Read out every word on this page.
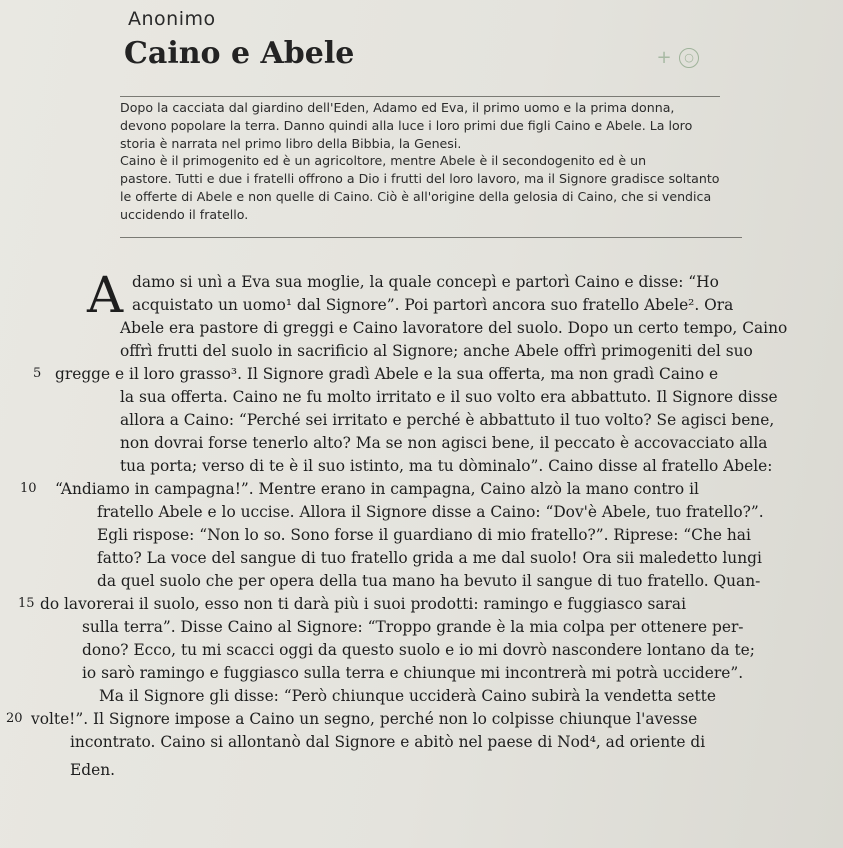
Anonimo
Caino e Abele	+	○

Dopo la cacciata dal giardino dell'Eden, Adamo ed Eva, il primo uomo e la prima donna,

devono popolare la terra. Danno quindi alla luce i loro primi due figli Caino e Abele. La loro

storia è narrata nel primo libro della Bibbia, la Genesi.

Caino è il primogenito ed è un agricoltore, mentre Abele è il secondogenito ed è un

pastore. Tutti e due i fratelli offrono a Dio i frutti del loro lavoro, ma il Signore gradisce soltanto

le offerte di Abele e non quelle di Caino. Ciò è all'origine della gelosia di Caino, che si vendica

uccidendo il fratello.

A damo si unì a Eva sua moglie, la quale concepì e partorì Caino e disse: “Ho
acquistato un uomo¹ dal Signore”. Poi partorì ancora suo fratello Abele². Ora
Abele era pastore di greggi e Caino lavoratore del suolo. Dopo un certo tempo, Caino
offrì frutti del suolo in sacrificio al Signore; anche Abele offrì primogeniti del suo
gregge e il loro grasso³. Il Signore gradì Abele e la sua offerta, ma non gradì Caino e
la sua offerta. Caino ne fu molto irritato e il suo volto era abbattuto. Il Signore disse
allora a Caino: “Perché sei irritato e perché è abbattuto il tuo volto? Se agisci bene,
non dovrai forse tenerlo alto? Ma se non agisci bene, il peccato è accovacciato alla
tua porta; verso di te è il suo istinto, ma tu dòminalo”. Caino disse al fratello Abele:
“Andiamo in campagna!”. Mentre erano in campagna, Caino alzò la mano contro il
fratello Abele e lo uccise. Allora il Signore disse a Caino: “Dov'è Abele, tuo fratello?”.
Egli rispose: “Non lo so. Sono forse il guardiano di mio fratello?”. Riprese: “Che hai
fatto? La voce del sangue di tuo fratello grida a me dal suolo! Ora sii maledetto lungi
da quel suolo che per opera della tua mano ha bevuto il sangue di tuo fratello. Quan-
do lavorerai il suolo, esso non ti darà più i suoi prodotti: ramingo e fuggiasco sarai
sulla terra”. Disse Caino al Signore: “Troppo grande è la mia colpa per ottenere per-
dono? Ecco, tu mi scacci oggi da questo suolo e io mi dovrò nascondere lontano da te;
io sarò ramingo e fuggiasco sulla terra e chiunque mi incontrerà mi potrà uccidere”.
Ma il Signore gli disse: “Però chiunque ucciderà Caino subirà la vendetta sette
volte!”. Il Signore impose a Caino un segno, perché non lo colpisse chiunque l'avesse
incontrato. Caino si allontanò dal Signore e abitò nel paese di Nod⁴, ad oriente di
Eden.
5
10
15
20
